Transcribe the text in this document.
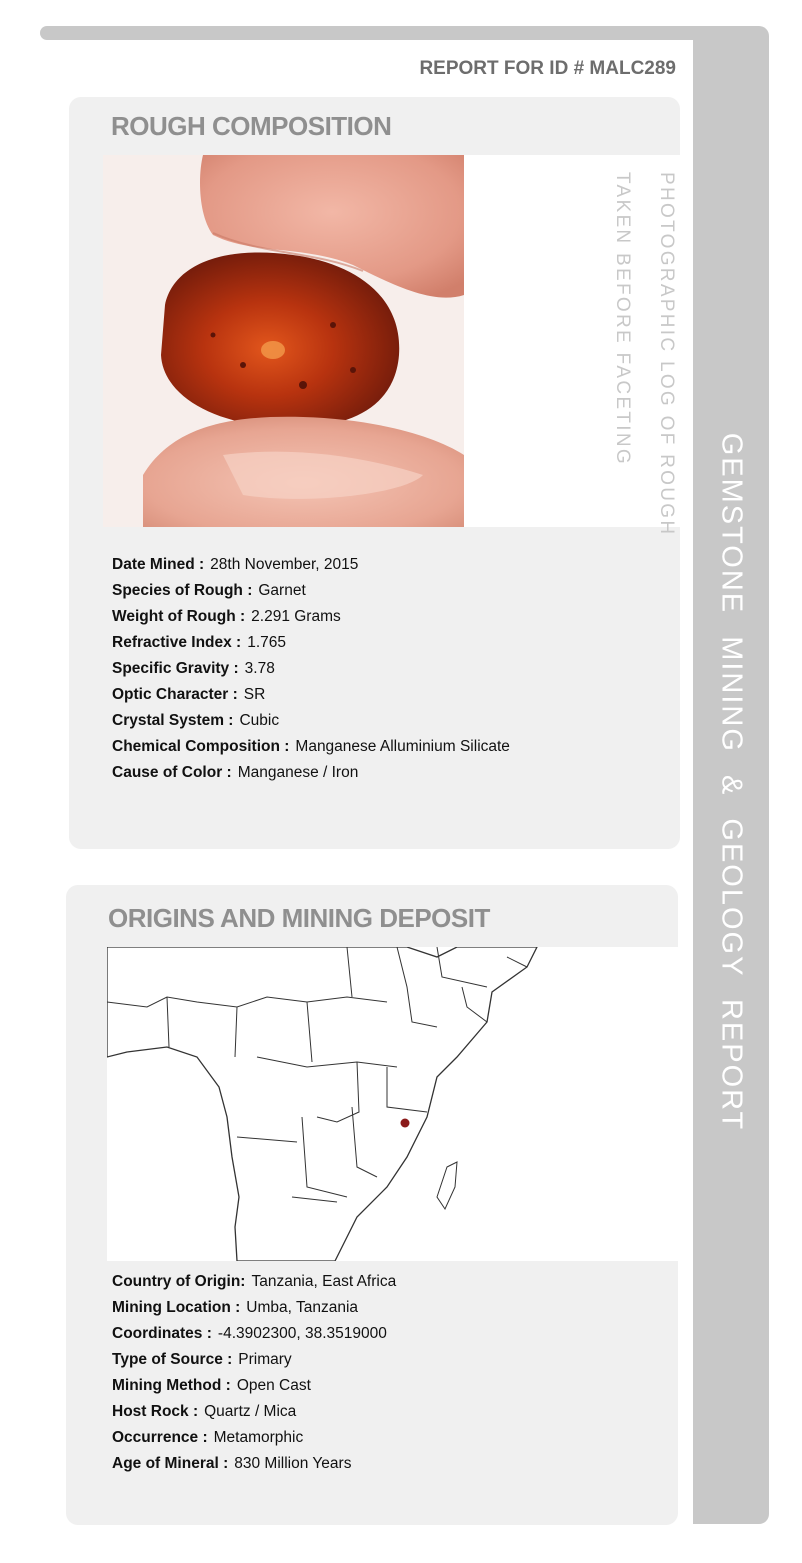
GEMSTONE MINING & GEOLOGY REPORT
REPORT FOR ID # MALC289
ROUGH COMPOSITION
PHOTOGRAPHIC LOG OF ROUGH

TAKEN BEFORE FACETING
Date Mined : 28th November, 2015
Species of Rough : Garnet
Weight of Rough : 2.291 Grams
Refractive Index : 1.765
Specific Gravity : 3.78
Optic Character : SR
Crystal System : Cubic
Chemical Composition : Manganese Alluminium Silicate
Cause of Color : Manganese / Iron
ORIGINS AND MINING DEPOSIT
Country of Origin: Tanzania, East Africa
Mining Location : Umba, Tanzania
Coordinates : -4.3902300, 38.3519000
Type of Source : Primary
Mining Method : Open Cast
Host Rock : Quartz / Mica
Occurrence : Metamorphic
Age of Mineral : 830 Million Years
